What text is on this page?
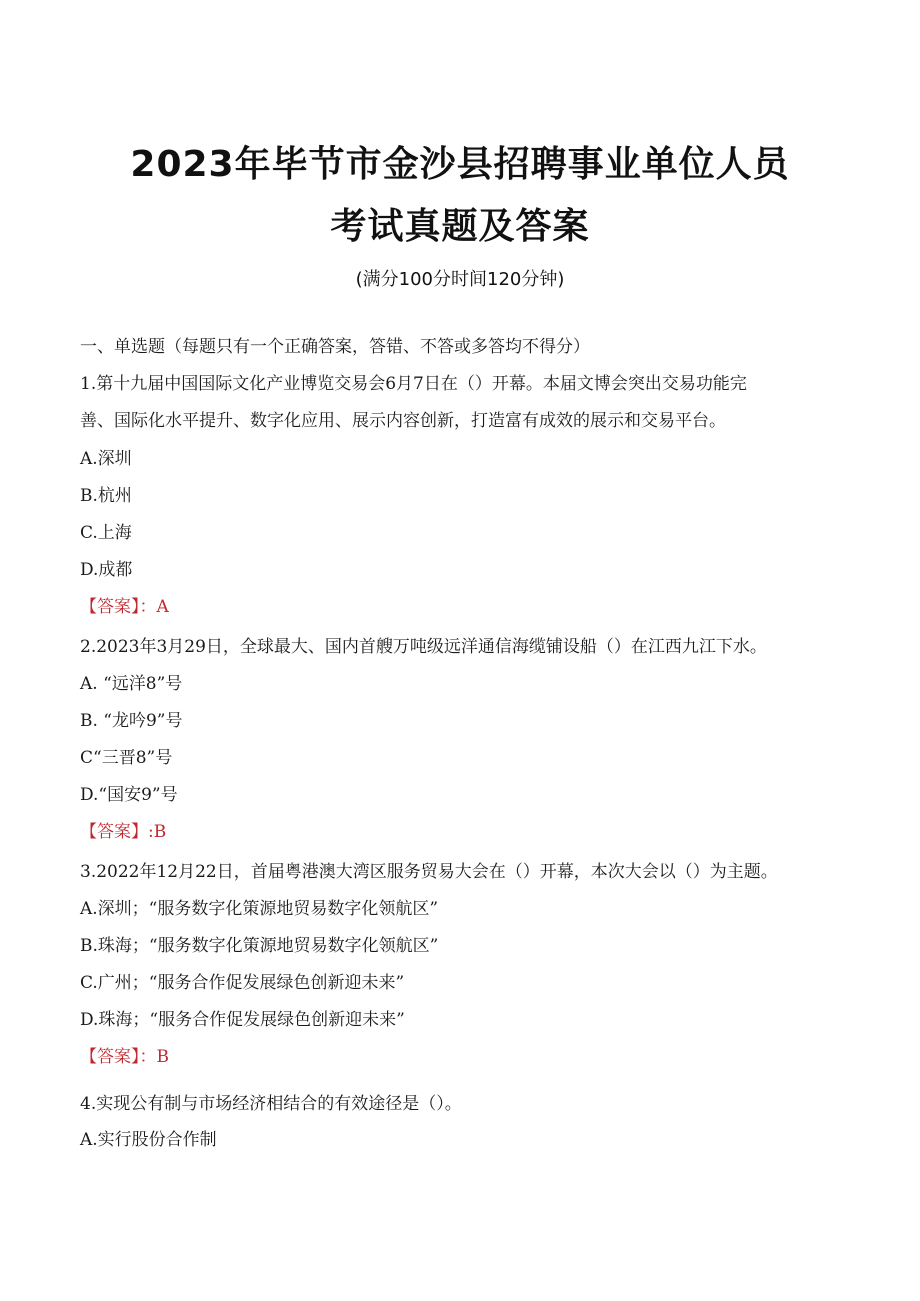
2023年毕节市金沙县招聘事业单位人员
考试真题及答案
(满分100分时间120分钟)
一、单选题（每题只有一个正确答案，答错、不答或多答均不得分）
1.第十九届中国国际文化产业博览交易会6月7日在（）开幕。本届文博会突出交易功能完
善、国际化水平提升、数字化应用、展示内容创新，打造富有成效的展示和交易平台。
A.深圳
B.杭州
C.上海
D.成都
【答案】：A
2.2023年3月29日，全球最大、国内首艘万吨级远洋通信海缆铺设船（）在江西九江下水。
A. “远洋8”号
B. “龙吟9”号
C“三晋8”号
D.“国安9”号
【答案】:B
3.2022年12月22日，首届粤港澳大湾区服务贸易大会在（）开幕，本次大会以（）为主题。
A.深圳；“服务数字化策源地贸易数字化领航区”
B.珠海；“服务数字化策源地贸易数字化领航区”
C.广州；“服务合作促发展绿色创新迎未来”
D.珠海；“服务合作促发展绿色创新迎未来”
【答案】：B
4.实现公有制与市场经济相结合的有效途径是（）。
A.实行股份合作制
